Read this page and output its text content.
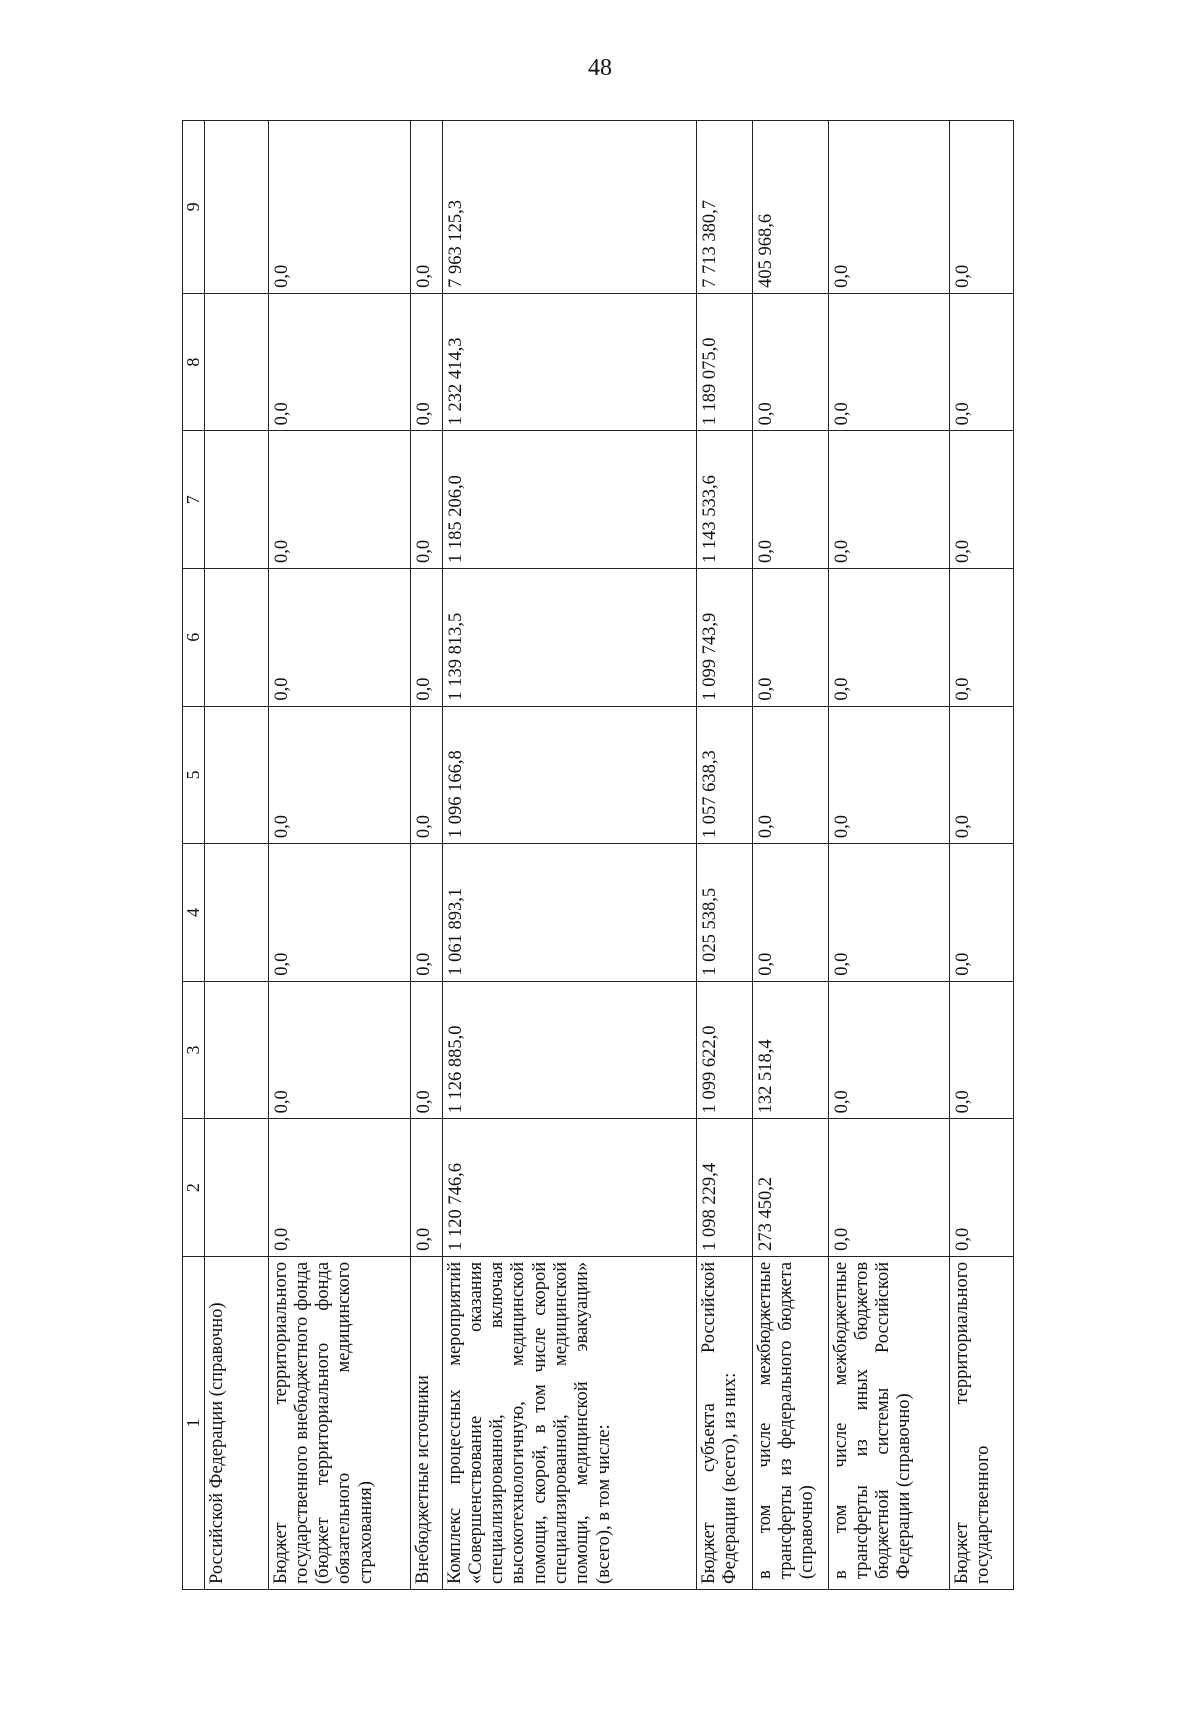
48
1	2	3	4	5	6	7	8	9
Российской Федерации (справочно)								
Бюджет территориального государственного внебюджетного фонда (бюджет территориального фонда обязательного медицинского страхования)	0,0	0,0	0,0	0,0	0,0	0,0	0,0	0,0
Внебюджетные источники	0,0	0,0	0,0	0,0	0,0	0,0	0,0	0,0
Комплекс процессных мероприятий «Совершенствование оказания специализированной, включая высокотехнологичную, медицинской помощи, скорой, в том числе скорой специализированной, медицинской помощи, медицинской эвакуации» (всего), в том числе:	1 120 746,6	1 126 885,0	1 061 893,1	1 096 166,8	1 139 813,5	1 185 206,0	1 232 414,3	7 963 125,3
Бюджет субъекта Российской Федерации (всего), из них:	1 098 229,4	1 099 622,0	1 025 538,5	1 057 638,3	1 099 743,9	1 143 533,6	1 189 075,0	7 713 380,7
в том числе межбюджетные трансферты из федерального бюджета (справочно)	273 450,2	132 518,4	0,0	0,0	0,0	0,0	0,0	405 968,6
в том числе межбюджетные трансферты из иных бюджетов бюджетной системы Российской Федерации (справочно)	0,0	0,0	0,0	0,0	0,0	0,0	0,0	0,0
Бюджет территориального государственного	0,0	0,0	0,0	0,0	0,0	0,0	0,0	0,0
